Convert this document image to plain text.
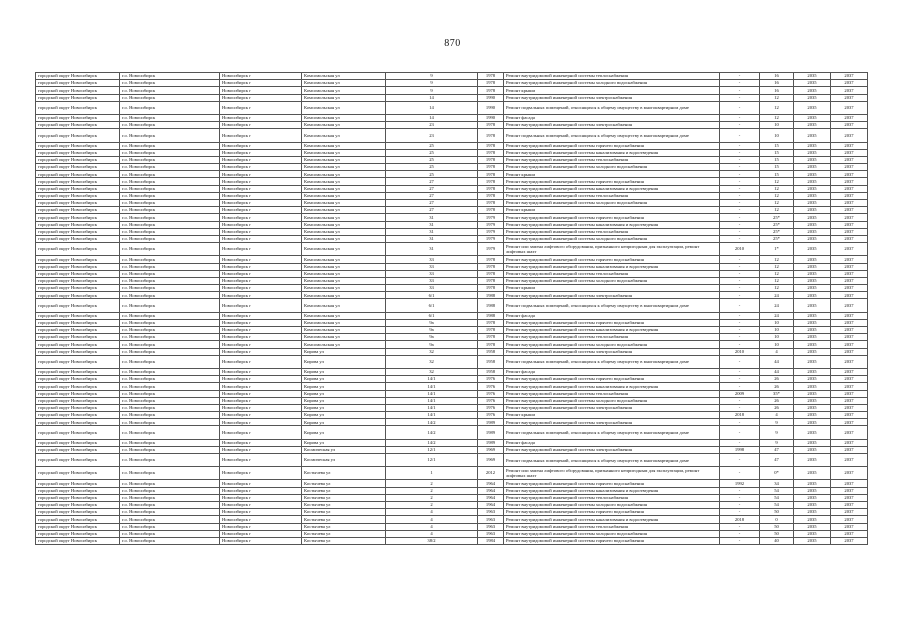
870
городской округ Новосибирск	г.о. Новосибирск	Новосибирск г	Комсомольская ул	9	1978	Ремонт внутридомовой инженерной системы теплоснабжения	-	16	2035	2037
городской округ Новосибирск	г.о. Новосибирск	Новосибирск г	Комсомольская ул	9	1978	Ремонт внутридомовой инженерной системы холодного водоснабжения	-	16	2035	2037
городской округ Новосибирск	г.о. Новосибирск	Новосибирск г	Комсомольская ул	9	1978	Ремонт крыши	-	16	2035	2037
городской округ Новосибирск	г.о. Новосибирск	Новосибирск г	Комсомольская ул	14	1990	Ремонт внутридомовой инженерной системы электроснабжения	-	12	2035	2037
городской округ Новосибирск	г.о. Новосибирск	Новосибирск г	Комсомольская ул	14	1990	Ремонт подвальных помещений, относящихся к общему имуществу в многоквартирном доме	-	12	2035	2037
городской округ Новосибирск	г.о. Новосибирск	Новосибирск г	Комсомольская ул	14	1990	Ремонт фасада	-	12	2035	2037
городской округ Новосибирск	г.о. Новосибирск	Новосибирск г	Комсомольская ул	23	1978	Ремонт внутридомовой инженерной системы электроснабжения	-	10	2035	2037
городской округ Новосибирск	г.о. Новосибирск	Новосибирск г	Комсомольская ул	23	1978	Ремонт подвальных помещений, относящихся к общему имуществу в многоквартирном доме	-	10	2035	2037
городской округ Новосибирск	г.о. Новосибирск	Новосибирск г	Комсомольская ул	25	1978	Ремонт внутридомовой инженерной системы горячего водоснабжения	-	15	2035	2037
городской округ Новосибирск	г.о. Новосибирск	Новосибирск г	Комсомольская ул	25	1978	Ремонт внутридомовой инженерной системы канализования и водоотведения	-	15	2035	2037
городской округ Новосибирск	г.о. Новосибирск	Новосибирск г	Комсомольская ул	25	1978	Ремонт внутридомовой инженерной системы теплоснабжения	-	15	2035	2037
городской округ Новосибирск	г.о. Новосибирск	Новосибирск г	Комсомольская ул	25	1978	Ремонт внутридомовой инженерной системы холодного водоснабжения	-	15	2035	2037
городской округ Новосибирск	г.о. Новосибирск	Новосибирск г	Комсомольская ул	25	1978	Ремонт крыши	-	15	2035	2037
городской округ Новосибирск	г.о. Новосибирск	Новосибирск г	Комсомольская ул	27	1978	Ремонт внутридомовой инженерной системы горячего водоснабжения	-	12	2035	2037
городской округ Новосибирск	г.о. Новосибирск	Новосибирск г	Комсомольская ул	27	1978	Ремонт внутридомовой инженерной системы канализования и водоотведения	-	12	2035	2037
городской округ Новосибирск	г.о. Новосибирск	Новосибирск г	Комсомольская ул	27	1978	Ремонт внутридомовой инженерной системы теплоснабжения	-	12	2035	2037
городской округ Новосибирск	г.о. Новосибирск	Новосибирск г	Комсомольская ул	27	1978	Ремонт внутридомовой инженерной системы холодного водоснабжения	-	12	2035	2037
городской округ Новосибирск	г.о. Новосибирск	Новосибирск г	Комсомольская ул	27	1978	Ремонт крыши	-	12	2035	2037
городской округ Новосибирск	г.о. Новосибирск	Новосибирск г	Комсомольская ул	31	1979	Ремонт внутридомовой инженерной системы горячего водоснабжения	-	25*	2035	2037
городской округ Новосибирск	г.о. Новосибирск	Новосибирск г	Комсомольская ул	31	1979	Ремонт внутридомовой инженерной системы канализования и водоотведения	-	25*	2035	2037
городской округ Новосибирск	г.о. Новосибирск	Новосибирск г	Комсомольская ул	31	1979	Ремонт внутридомовой инженерной системы теплоснабжения	-	25*	2035	2037
городской округ Новосибирск	г.о. Новосибирск	Новосибирск г	Комсомольская ул	31	1979	Ремонт внутридомовой инженерной системы холодного водоснабжения	-	25*	2035	2037
городской округ Новосибирск	г.о. Новосибирск	Новосибирск г	Комсомольская ул	31	1979	Ремонт или замена лифтового оборудования, признанного непригодным для эксплуатации, ремонт лифтовых шахт	2010	1*	2035	2037
городской округ Новосибирск	г.о. Новосибирск	Новосибирск г	Комсомольская ул	33	1978	Ремонт внутридомовой инженерной системы горячего водоснабжения	-	12	2035	2037
городской округ Новосибирск	г.о. Новосибирск	Новосибирск г	Комсомольская ул	33	1978	Ремонт внутридомовой инженерной системы канализования и водоотведения	-	12	2035	2037
городской округ Новосибирск	г.о. Новосибирск	Новосибирск г	Комсомольская ул	33	1978	Ремонт внутридомовой инженерной системы теплоснабжения	-	12	2035	2037
городской округ Новосибирск	г.о. Новосибирск	Новосибирск г	Комсомольская ул	33	1978	Ремонт внутридомовой инженерной системы холодного водоснабжения	-	12	2035	2037
городской округ Новосибирск	г.о. Новосибирск	Новосибирск г	Комсомольская ул	33	1978	Ремонт крыши	-	12	2035	2037
городской округ Новосибирск	г.о. Новосибирск	Новосибирск г	Комсомольская ул	6/1	1988	Ремонт внутридомовой инженерной системы электроснабжения	-	24	2035	2037
городской округ Новосибирск	г.о. Новосибирск	Новосибирск г	Комсомольская ул	6/1	1988	Ремонт подвальных помещений, относящихся к общему имуществу в многоквартирном доме	-	24	2035	2037
городской округ Новосибирск	г.о. Новосибирск	Новосибирск г	Комсомольская ул	6/1	1988	Ремонт фасада	-	24	2035	2037
городской округ Новосибирск	г.о. Новосибирск	Новосибирск г	Комсомольская ул	9а	1978	Ремонт внутридомовой инженерной системы горячего водоснабжения	-	10	2035	2037
городской округ Новосибирск	г.о. Новосибирск	Новосибирск г	Комсомольская ул	9а	1978	Ремонт внутридомовой инженерной системы канализования и водоотведения	-	10	2035	2037
городской округ Новосибирск	г.о. Новосибирск	Новосибирск г	Комсомольская ул	9а	1978	Ремонт внутридомовой инженерной системы теплоснабжения	-	10	2035	2037
городской округ Новосибирск	г.о. Новосибирск	Новосибирск г	Комсомольская ул	9а	1978	Ремонт внутридомовой инженерной системы холодного водоснабжения	-	10	2035	2037
городской округ Новосибирск	г.о. Новосибирск	Новосибирск г	Кирова ул	32	1958	Ремонт внутридомовой инженерной системы электроснабжения	2010	4	2035	2037
городской округ Новосибирск	г.о. Новосибирск	Новосибирск г	Кирова ул	32	1958	Ремонт подвальных помещений, относящихся к общему имуществу в многоквартирном доме	-	44	2035	2037
городской округ Новосибирск	г.о. Новосибирск	Новосибирск г	Кирова ул	32	1958	Ремонт фасада	-	44	2035	2037
городской округ Новосибирск	г.о. Новосибирск	Новосибирск г	Кирова ул	14/1	1976	Ремонт внутридомовой инженерной системы горячего водоснабжения	-	26	2035	2037
городской округ Новосибирск	г.о. Новосибирск	Новосибирск г	Кирова ул	14/1	1976	Ремонт внутридомовой инженерной системы канализования и водоотведения	-	26	2035	2037
городской округ Новосибирск	г.о. Новосибирск	Новосибирск г	Кирова ул	14/1	1976	Ремонт внутридомовой инженерной системы теплоснабжения	2009	35*	2035	2037
городской округ Новосибирск	г.о. Новосибирск	Новосибирск г	Кирова ул	14/1	1976	Ремонт внутридомовой инженерной системы холодного водоснабжения	-	26	2035	2037
городской округ Новосибирск	г.о. Новосибирск	Новосибирск г	Кирова ул	14/1	1976	Ремонт внутридомовой инженерной системы электроснабжения	-	26	2035	2037
городской округ Новосибирск	г.о. Новосибирск	Новосибирск г	Кирова ул	14/1	1976	Ремонт крыши	2018	4	2035	2037
городской округ Новосибирск	г.о. Новосибирск	Новосибирск г	Кирова ул	14/2	1989	Ремонт внутридомовой инженерной системы электроснабжения	-	9	2035	2037
городской округ Новосибирск	г.о. Новосибирск	Новосибирск г	Кирова ул	14/2	1989	Ремонт подвальных помещений, относящихся к общему имуществу в многоквартирном доме	-	9	2035	2037
городской округ Новосибирск	г.о. Новосибирск	Новосибирск г	Кирова ул	14/2	1989	Ремонт фасада	-	9	2035	2037
городской округ Новосибирск	г.о. Новосибирск	Новосибирск г	Космическая ул	12/1	1969	Ремонт внутридомовой инженерной системы электроснабжения	1998	47	2035	2037
городской округ Новосибирск	г.о. Новосибирск	Новосибирск г	Космическая ул	12/1	1969	Ремонт подвальных помещений, относящихся к общему имуществу в многоквартирном доме	-	47	2035	2037
городской округ Новосибирск	г.о. Новосибирск	Новосибирск г	Костычева ул	1	2012	Ремонт или замена лифтового оборудования, признанного непригодным для эксплуатации, ремонт лифтовых шахт	-	0*	2035	2037
городской округ Новосибирск	г.о. Новосибирск	Новосибирск г	Костычева ул	2	1964	Ремонт внутридомовой инженерной системы горячего водоснабжения	1992	34	2035	2037
городской округ Новосибирск	г.о. Новосибирск	Новосибирск г	Костычева ул	2	1964	Ремонт внутридомовой инженерной системы канализования и водоотведения	-	54	2035	2037
городской округ Новосибирск	г.о. Новосибирск	Новосибирск г	Костычева ул	2	1964	Ремонт внутридомовой инженерной системы теплоснабжения	-	54	2035	2037
городской округ Новосибирск	г.о. Новосибирск	Новосибирск г	Костычева ул	2	1964	Ремонт внутридомовой инженерной системы холодного водоснабжения	-	54	2035	2037
городской округ Новосибирск	г.о. Новосибирск	Новосибирск г	Костычева ул	4	1963	Ремонт внутридомовой инженерной системы горячего водоснабжения	-	50	2035	2037
городской округ Новосибирск	г.о. Новосибирск	Новосибирск г	Костычева ул	4	1963	Ремонт внутридомовой инженерной системы канализования и водоотведения	2018	0	2035	2037
городской округ Новосибирск	г.о. Новосибирск	Новосибирск г	Костычева ул	4	1963	Ремонт внутридомовой инженерной системы теплоснабжения	-	50	2035	2037
городской округ Новосибирск	г.о. Новосибирск	Новосибирск г	Костычева ул	4	1963	Ремонт внутридомовой инженерной системы холодного водоснабжения	-	50	2035	2037
городской округ Новосибирск	г.о. Новосибирск	Новосибирск г	Костычева ул	38/2	1984	Ремонт внутридомовой инженерной системы горячего водоснабжения	-	40	2035	2037
